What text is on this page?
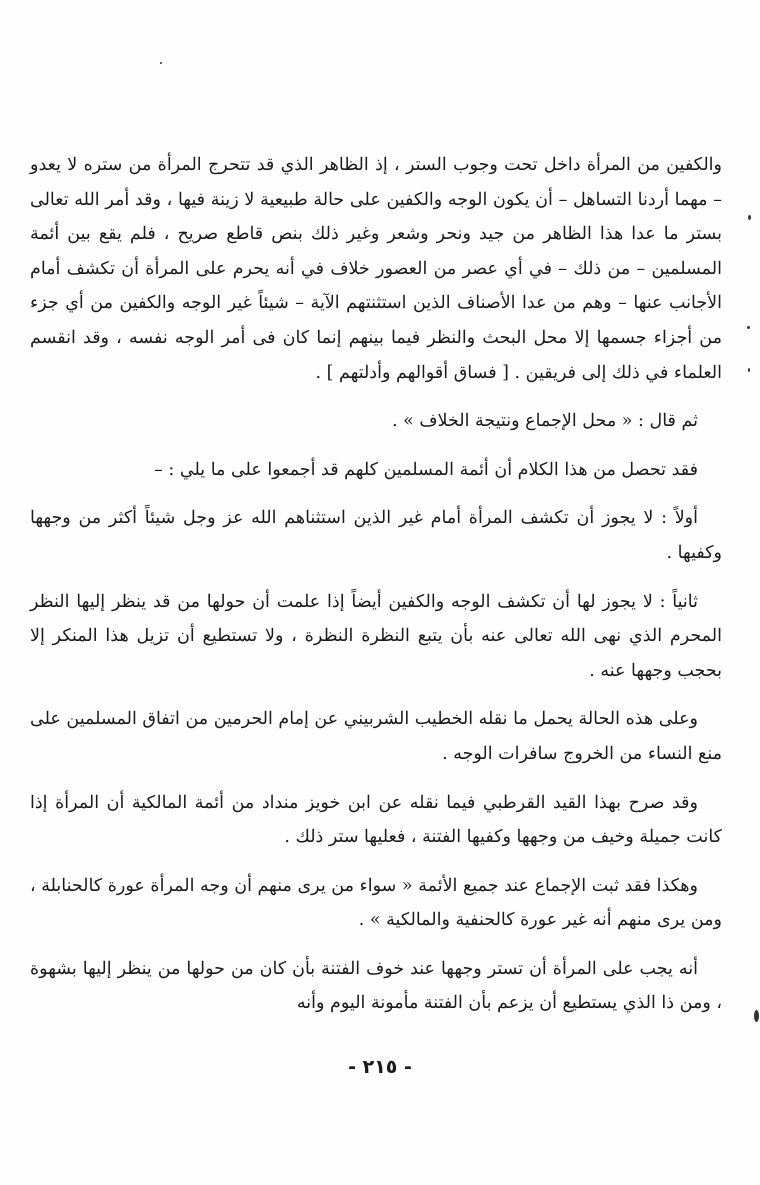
والكفين من المرأة داخل تحت وجوب الستر ، إذ الظاهر الذي قد تتحرج المرأة من ستره لا يعدو – مهما أردنا التساهل – أن يكون الوجه والكفين على حالة طبيعية لا زينة فيها ، وقد أمر الله تعالى بستر ما عدا هذا الظاهر من جيد ونحر وشعر وغير ذلك بنص قاطع صريح ، فلم يقع بين أئمة المسلمين – من ذلك – في أي عصر من العصور خلاف في أنه يحرم على المرأة أن تكشف أمام الأجانب عنها – وهم من عدا الأصناف الذين استثنتهم الآية – شيئاً غير الوجه والكفين من أي جزء من أجزاء جسمها إلا محل البحث والنظر فيما بينهم إنما كان فى أمر الوجه نفسه ، وقد انقسم العلماء في ذلك إلى فريقين . [ فساق أقوالهم وأدلتهم ] .

ثم قال : « محل الإجماع ونتيجة الخلاف » .

فقد تحصل من هذا الكلام أن أئمة المسلمين كلهم قد أجمعوا على ما يلي : –

أولاً : لا يجوز أن تكشف المرأة أمام غير الذين استثناهم الله عز وجل شيئاً أكثر من وجهها وكفيها .

ثانياً : لا يجوز لها أن تكشف الوجه والكفين أيضاً إذا علمت أن حولها من قد ينظر إليها النظر المحرم الذي نهى الله تعالى عنه بأن يتبع النظرة النظرة ، ولا تستطيع أن تزيل هذا المنكر إلا بحجب وجهها عنه .

وعلى هذه الحالة يحمل ما نقله الخطيب الشربيني عن إمام الحرمين من اتفاق المسلمين على منع النساء من الخروج سافرات الوجه .

وقد صرح بهذا القيد القرطبي فيما نقله عن ابن خويز منداد من أئمة المالكية أن المرأة إذا كانت جميلة وخيف من وجهها وكفيها الفتنة ، فعليها ستر ذلك .

وهكذا فقد ثبت الإجماع عند جميع الأئمة « سواء من يرى منهم أن وجه المرأة عورة كالحنابلة ، ومن يرى منهم أنه غير عورة كالحنفية والمالكية » .

أنه يجب على المرأة أن تستر وجهها عند خوف الفتنة بأن كان من حولها من ينظر إليها بشهوة ، ومن ذا الذي يستطيع أن يزعم بأن الفتنة مأمونة اليوم وأنه

- ٢١٥ -
